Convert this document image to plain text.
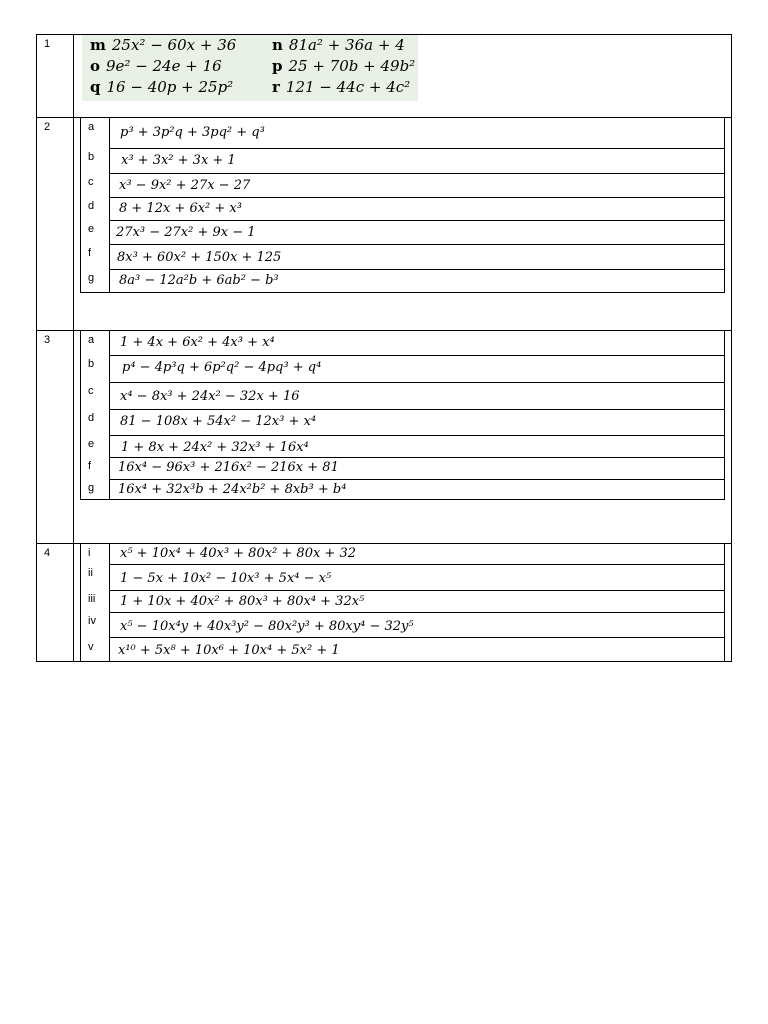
1
2
3
4
m 25x² − 60x + 36 n 81a² + 36a + 4
o 9e² − 24e + 16	p 25 + 70b + 49b²
q 16 − 40p + 25p²	r 121 − 44c + 4c²
a
b
c
d
e
f
g
p³ + 3p²q + 3pq² + q³
x³ + 3x² + 3x + 1
x³ − 9x² + 27x − 27
8 + 12x + 6x² + x³
27x³ − 27x² + 9x − 1
8x³ + 60x² + 150x + 125
8a³ − 12a²b + 6ab² − b³
a
b
c
d
e
f
g
1 + 4x + 6x² + 4x³ + x⁴
p⁴ − 4p³q + 6p²q² − 4pq³ + q⁴
x⁴ − 8x³ + 24x² − 32x + 16
81 − 108x + 54x² − 12x³ + x⁴
1 + 8x + 24x² + 32x³ + 16x⁴
16x⁴ − 96x³ + 216x² − 216x + 81
16x⁴ + 32x³b + 24x²b² + 8xb³ + b⁴
i
ii
iii
iv
v
x⁵ + 10x⁴ + 40x³ + 80x² + 80x + 32
1 − 5x + 10x² − 10x³ + 5x⁴ − x⁵
1 + 10x + 40x² + 80x³ + 80x⁴ + 32x⁵
x⁵ − 10x⁴y + 40x³y² − 80x²y³ + 80xy⁴ − 32y⁵
x¹⁰ + 5x⁸ + 10x⁶ + 10x⁴ + 5x² + 1
